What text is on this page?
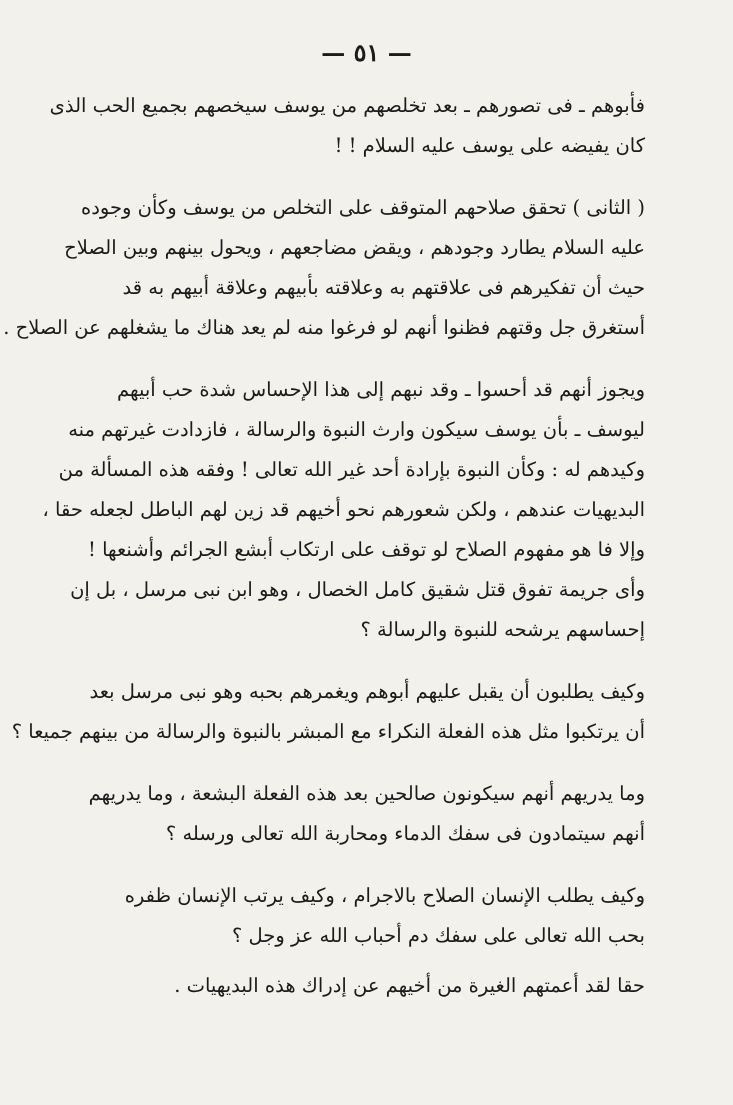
— ٥١ —
فأبوهم ـ فى تصورهم ـ بعد تخلصهم من يوسف سيخصهم بجميع الحب الذى
كان يفيضه على يوسف عليه السلام ! !
( الثانى ) تحقق صلاحهم المتوقف على التخلص من يوسف وكأن وجوده
عليه السلام يطارد وجودهم ، ويقض مضاجعهم ، ويحول بينهم وبين الصلاح
حيث أن تفكيرهم فى علاقتهم به وعلاقته بأبيهم وعلاقة أبيهم به قد
أستغرق جل وقتهم فظنوا أنهم لو فرغوا منه لم يعد هناك ما يشغلهم عن الصلاح .
ويجوز أنهم قد أحسوا ـ وقد نبهم إلى هذا الإحساس شدة حب أبيهم
ليوسف ـ بأن يوسف سيكون وارث النبوة والرسالة ، فازدادت غيرتهم منه
وكيدهم له : وكأن النبوة بإرادة أحد غير الله تعالى ! وفقه هذه المسألة من
البديهيات عندهم ، ولكن شعورهم نحو أخيهم قد زين لهم الباطل لجعله حقا ،
وإلا فا هو مفهوم الصلاح لو توقف على ارتكاب أبشع الجرائم وأشنعها !
وأى جريمة تفوق قتل شقيق كامل الخصال ، وهو ابن نبى مرسل ، بل إن
إحساسهم يرشحه للنبوة والرسالة ؟
وكيف يطلبون أن يقبل عليهم أبوهم ويغمرهم بحبه وهو نبى مرسل بعد
أن يرتكبوا مثل هذه الفعلة النكراء مع المبشر بالنبوة والرسالة من بينهم جميعا ؟
وما يدريهم أنهم سيكونون صالحين بعد هذه الفعلة البشعة ، وما يدريهم
أنهم سيتمادون فى سفك الدماء ومحاربة الله تعالى ورسله ؟
وكيف يطلب الإنسان الصلاح بالاجرام ، وكيف يرتب الإنسان ظفره
بحب الله تعالى على سفك دم أحباب الله عز وجل ؟
حقا لقد أعمتهم الغيرة من أخيهم عن إدراك هذه البديهيات .
